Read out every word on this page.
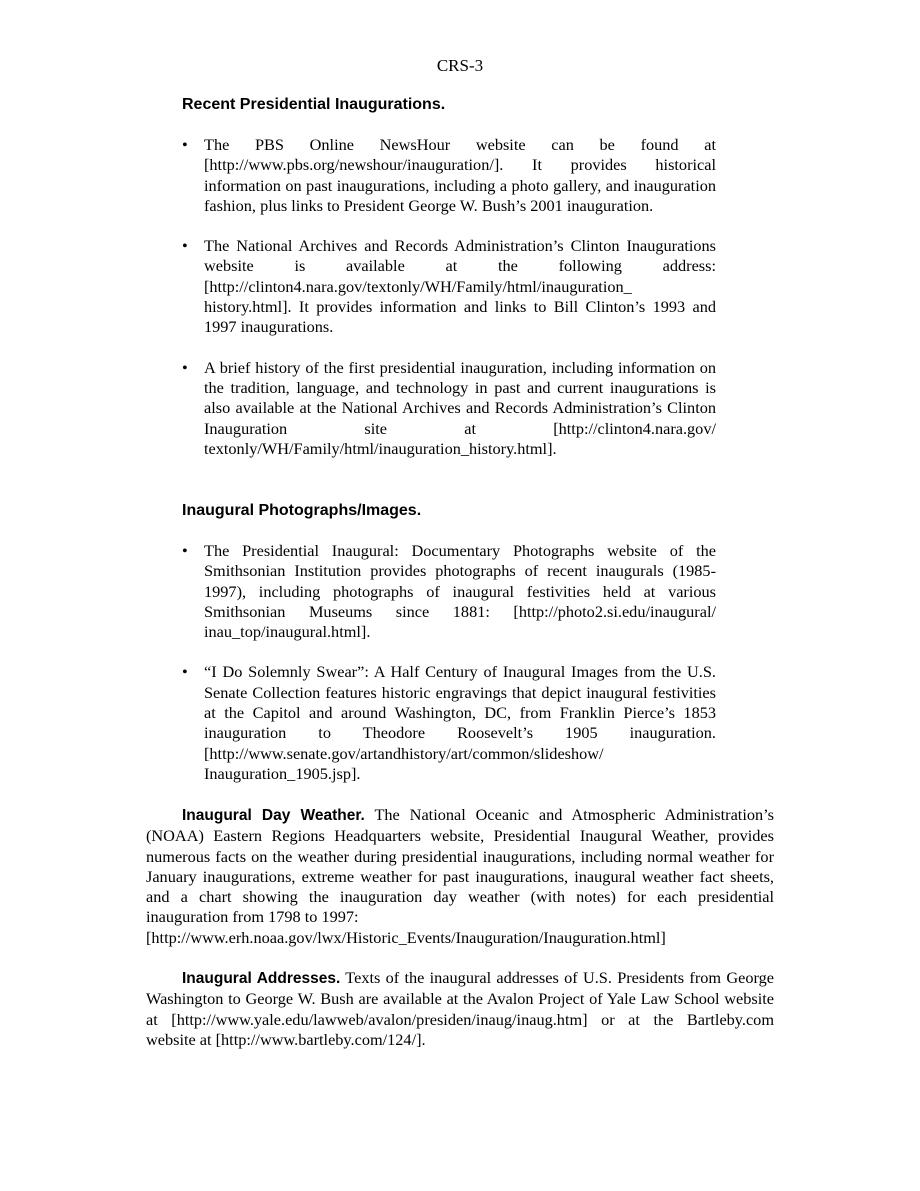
CRS-3
Recent Presidential Inaugurations.
• The PBS Online NewsHour website can be found at [http://www.pbs.org/newshour/inauguration/]. It provides historical information on past inaugurations, including a photo gallery, and inauguration fashion, plus links to President George W. Bush’s 2001 inauguration.
• The National Archives and Records Administration’s Clinton Inaugurations website is available at the following address: [http://clinton4.nara.gov/textonly/WH/Family/html/inauguration_ history.html]. It provides information and links to Bill Clinton’s 1993 and 1997 inaugurations.
• A brief history of the first presidential inauguration, including information on the tradition, language, and technology in past and current inaugurations is also available at the National Archives and Records Administration’s Clinton Inauguration site at [http://clinton4.nara.gov/ textonly/WH/Family/html/inauguration_history.html].
Inaugural Photographs/Images.
• The Presidential Inaugural: Documentary Photographs website of the Smithsonian Institution provides photographs of recent inaugurals (1985-1997), including photographs of inaugural festivities held at various Smithsonian Museums since 1881: [http://photo2.si.edu/inaugural/ inau_top/inaugural.html].
• “I Do Solemnly Swear”: A Half Century of Inaugural Images from the U.S. Senate Collection features historic engravings that depict inaugural festivities at the Capitol and around Washington, DC, from Franklin Pierce’s 1853 inauguration to Theodore Roosevelt’s 1905 inauguration. [http://www.senate.gov/artandhistory/art/common/slideshow/ Inauguration_1905.jsp].

Inaugural Day Weather. The National Oceanic and Atmospheric Administration’s (NOAA) Eastern Regions Headquarters website, Presidential Inaugural Weather, provides numerous facts on the weather during presidential inaugurations, including normal weather for January inaugurations, extreme weather for past inaugurations, inaugural weather fact sheets, and a chart showing the inauguration day weather (with notes) for each presidential inauguration from 1798 to 1997:
[http://www.erh.noaa.gov/lwx/Historic_Events/Inauguration/Inauguration.html]

Inaugural Addresses. Texts of the inaugural addresses of U.S. Presidents from George Washington to George W. Bush are available at the Avalon Project of Yale Law School website at [http://www.yale.edu/lawweb/avalon/presiden/inaug/inaug.htm] or at the Bartleby.com website at [http://www.bartleby.com/124/].
